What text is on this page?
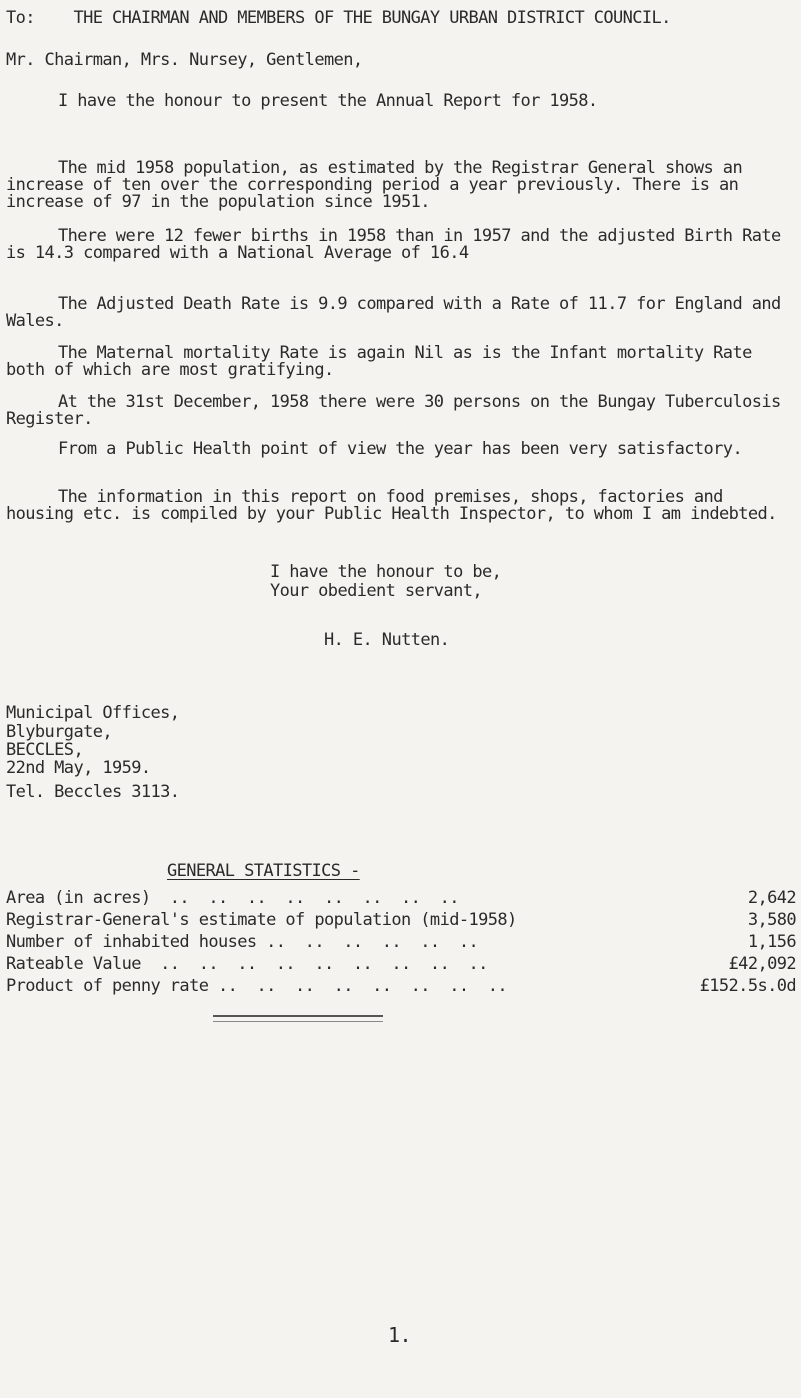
To:    THE CHAIRMAN AND MEMBERS OF THE BUNGAY URBAN DISTRICT COUNCIL.
Mr. Chairman, Mrs. Nursey, Gentlemen,
I have the honour to present the Annual Report for 1958.
The mid 1958 population, as estimated by the Registrar General shows an increase of ten over the corresponding period a year previously. There is an increase of 97 in the population since 1951.
There were 12 fewer births in 1958 than in 1957 and the adjusted Birth Rate is 14.3 compared with a National Average of 16.4
The Adjusted Death Rate is 9.9 compared with a Rate of 11.7 for England and Wales.
The Maternal mortality Rate is again Nil as is the Infant mortality Rate both of which are most gratifying.
At the 31st December, 1958 there were 30 persons on the Bungay Tuberculosis Register.
From a Public Health point of view the year has been very satisfactory.
The information in this report on food premises, shops, factories and housing etc. is compiled by your Public Health Inspector, to whom I am indebted.
I have the honour to be,
Your obedient servant,
H. E. Nutten.
Municipal Offices,
Blyburgate,
BECCLES,
22nd May, 1959.
Tel. Beccles 3113.
GENERAL STATISTICS -
Area (in acres)  ..  ..  ..  ..  ..  ..  ..  ..	2,642
Registrar-General's estimate of population (mid-1958)	3,580
Number of inhabited houses ..  ..  ..  ..  ..  ..	1,156
Rateable Value  ..  ..  ..  ..  ..  ..  ..  ..  ..	£42,092
Product of penny rate ..  ..  ..  ..  ..  ..  ..  ..	£152.5s.0d
1.
